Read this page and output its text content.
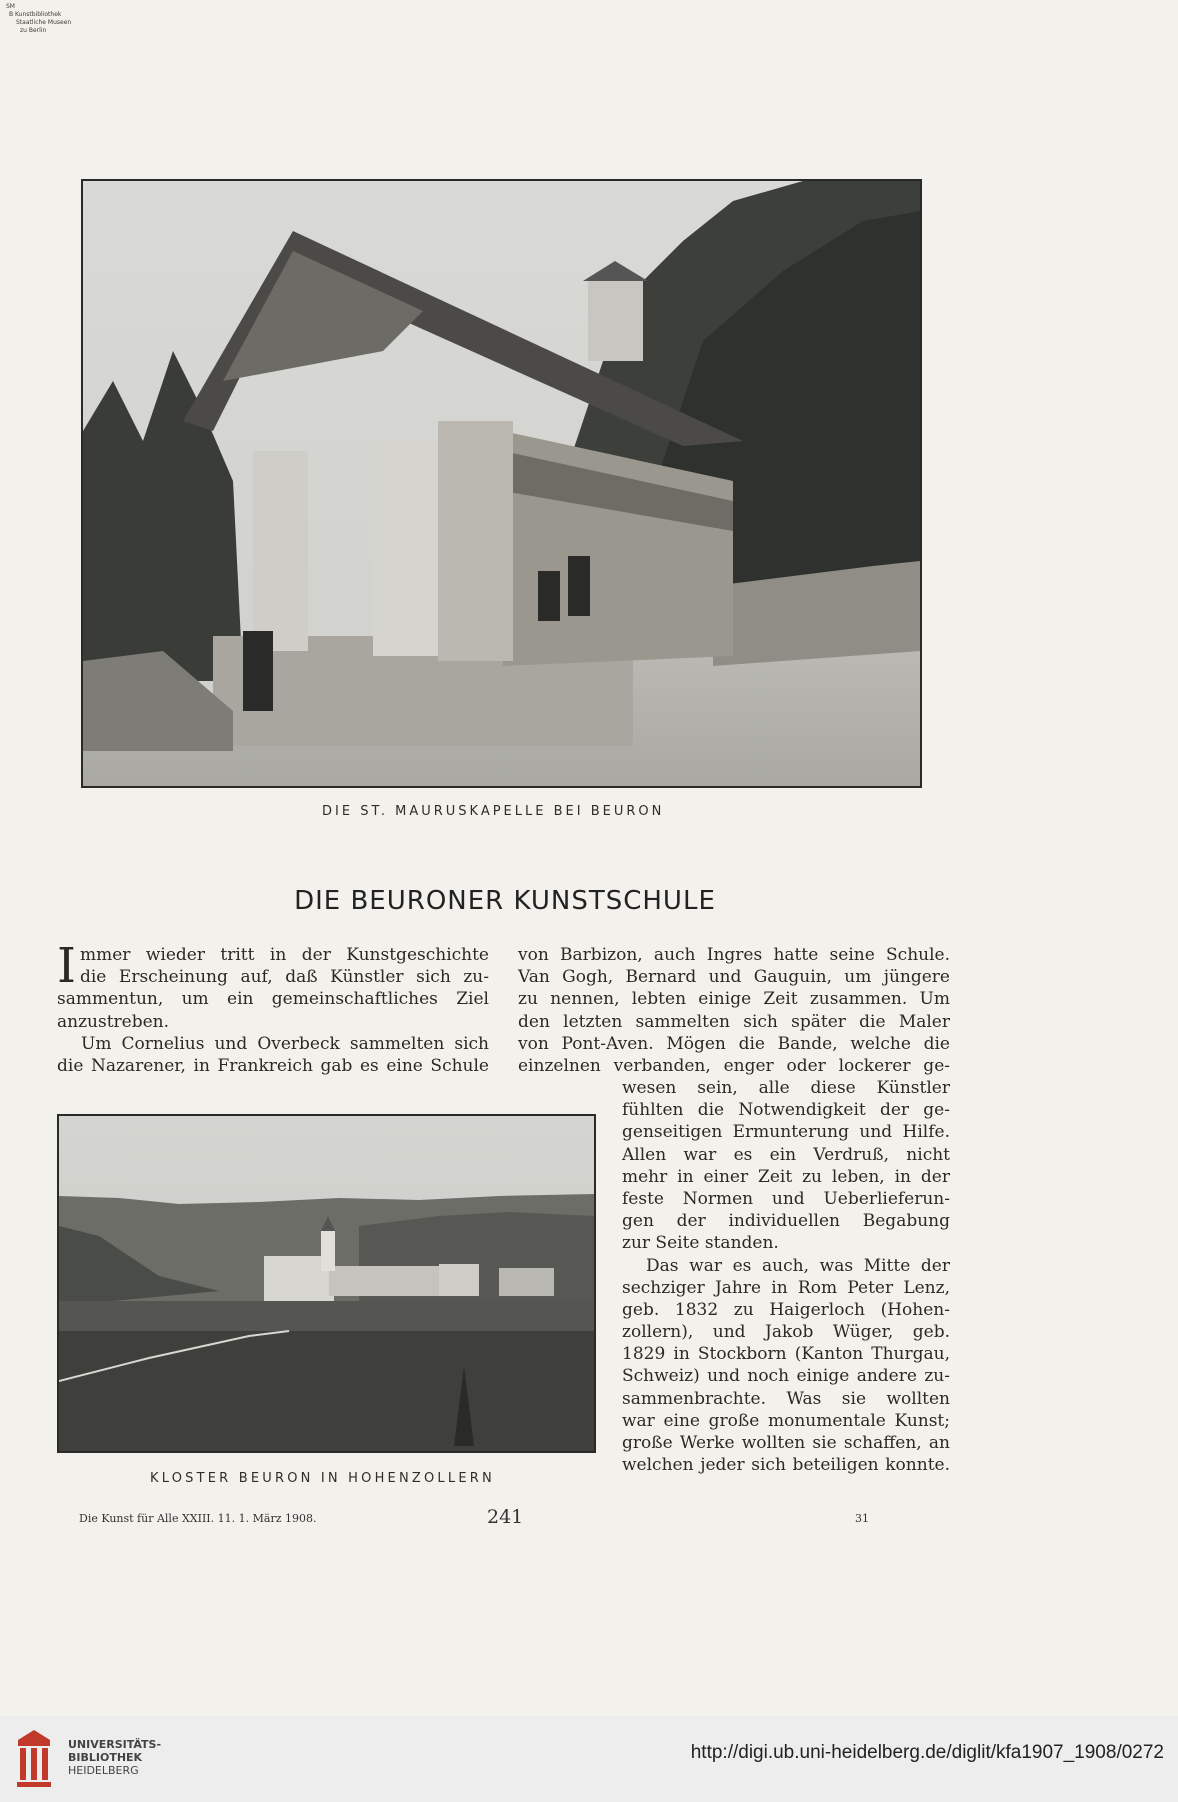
SM
B Kunstbibliothek
Staatliche Museen
zu Berlin
DIE ST. MAURUSKAPELLE BEI BEURON
DIE BEURONER KUNSTSCHULE
I mmer wieder tritt in der Kunstgeschichte
die Erscheinung auf, daß Künstler sich zu-
sammentun, um ein gemeinschaftliches Ziel
anzustreben.
Um Cornelius und Overbeck sammelten sich
die Nazarener, in Frankreich gab es eine Schule
von Barbizon, auch Ingres hatte seine Schule.
Van Gogh, Bernard und Gauguin, um jüngere
zu nennen, lebten einige Zeit zusammen. Um
den letzten sammelten sich später die Maler
von Pont-Aven. Mögen die Bande, welche die
einzelnen verbanden, enger oder lockerer ge-
wesen sein, alle diese Künstler
fühlten die Notwendigkeit der ge-
genseitigen Ermunterung und Hilfe.
Allen war es ein Verdruß, nicht
mehr in einer Zeit zu leben, in der
feste Normen und Ueberlieferun-
gen der individuellen Begabung
zur Seite standen.
Das war es auch, was Mitte der
sechziger Jahre in Rom Peter Lenz,
geb. 1832 zu Haigerloch (Hohen-
zollern), und Jakob Wüger, geb.
1829 in Stockborn (Kanton Thurgau,
Schweiz) und noch einige andere zu-
sammenbrachte. Was sie wollten
war eine große monumentale Kunst;
große Werke wollten sie schaffen, an
welchen jeder sich beteiligen konnte.
KLOSTER BEURON IN HOHENZOLLERN
Die Kunst für Alle XXIII. 11. 1. März 1908.	241	31
UNIVERSITÄTS-
BIBLIOTHEK
HEIDELBERG
http://digi.ub.uni-heidelberg.de/diglit/kfa1907_1908/0272
